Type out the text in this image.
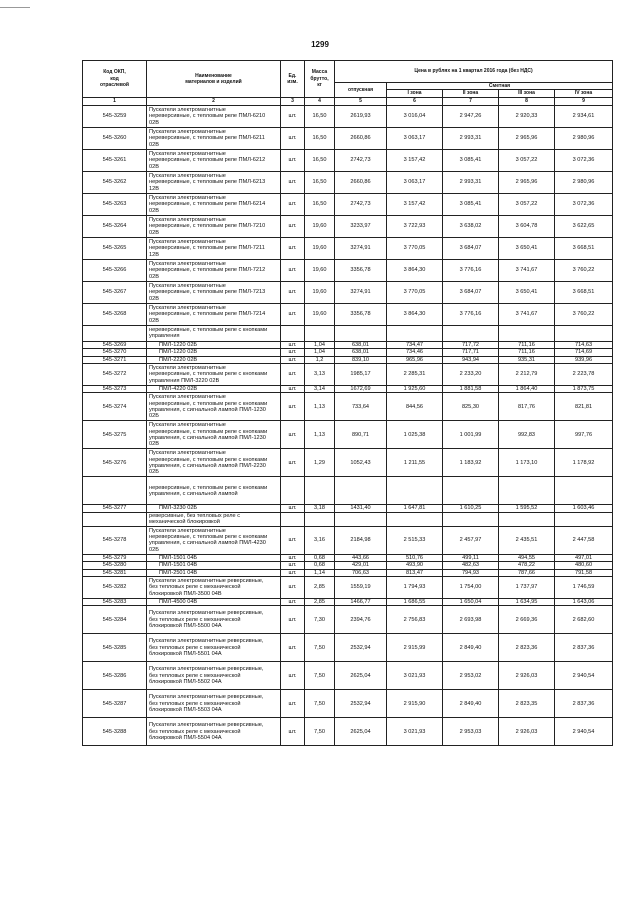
1299
Код ОКП,
код
отраслевой	Наименование
материалов и изделий	Ед.
изм.	Масса
брутто,
кг	Цена в рублях на 1 квартал 2016 года (без НДС)				
				отпускная	Сметная			
					I зона	II зона	III зона	IV зона
1	2	3	4	5	6	7	8	9
545-3259	Пускатели электромагнитные
нереверсивные, с тепловым реле ПМЛ-6210
02В	шт.	16,50	2619,93	3 016,04	2 947,26	2 920,33	2 934,61
545-3260	Пускатели электромагнитные
нереверсивные, с тепловым реле ПМЛ-6211
02В	шт.	16,50	2660,86	3 063,17	2 993,31	2 965,96	2 980,96
545-3261	Пускатели электромагнитные
нереверсивные, с тепловым реле ПМЛ-6212
02В	шт.	16,50	2742,73	3 157,42	3 085,41	3 057,22	3 072,36
545-3262	Пускатели электромагнитные
нереверсивные, с тепловым реле ПМЛ-6213
12В	шт.	16,50	2660,86	3 063,17	2 993,31	2 965,96	2 980,96
545-3263	Пускатели электромагнитные
нереверсивные, с тепловым реле ПМЛ-6214
02В	шт.	16,50	2742,73	3 157,42	3 085,41	3 057,22	3 072,36
545-3264	Пускатели электромагнитные
нереверсивные, с тепловым реле ПМЛ-7210
02В	шт.	19,60	3233,97	3 722,93	3 638,02	3 604,78	3 622,65
545-3265	Пускатели электромагнитные
нереверсивные, с тепловым реле ПМЛ-7211
12В	шт.	19,60	3274,91	3 770,05	3 684,07	3 650,41	3 668,51
545-3266	Пускатели электромагнитные
нереверсивные, с тепловым реле ПМЛ-7212
02В	шт.	19,60	3356,78	3 864,30	3 776,16	3 741,67	3 760,22
545-3267	Пускатели электромагнитные
нереверсивные, с тепловым реле ПМЛ-7213
02В	шт.	19,60	3274,91	3 770,05	3 684,07	3 650,41	3 668,51
545-3268	Пускатели электромагнитные
нереверсивные, с тепловым реле ПМЛ-7214
02В	шт.	19,60	3356,78	3 864,30	3 776,16	3 741,67	3 760,22
	нереверсивные, с тепловым реле с кнопками
управления							
545-3269	ПМЛ-1220 02Б	шт.	1,04	638,01	734,47	717,72	711,16	714,63
545-3270	ПМЛ-1220 02В	шт.	1,04	638,01	734,46	717,71	711,16	714,69
545-3271	ПМЛ-2220 02В	шт.	1,2	839,10	965,96	943,94	935,31	939,96
545-3272	Пускатели электромагнитные
нереверсивные, с тепловым реле с кнопками
управления ПМЛ-3220 02В	шт.	3,13	1985,17	2 285,31	2 233,20	2 212,79	2 223,78
545-3273	ПМЛ-4220 02В	шт.	3,14	1672,69	1 925,60	1 881,58	1 864,40	1 873,75
545-3274	Пускатели электромагнитные
нереверсивные, с тепловым реле с кнопками
управления, с сигнальной лампой ПМЛ-1230
02Б	шт.	1,13	733,64	844,56	825,30	817,76	821,81
545-3275	Пускатели электромагнитные
нереверсивные, с тепловым реле с кнопками
управления, с сигнальной лампой ПМЛ-1230
02В	шт.	1,13	890,71	1 025,38	1 001,99	992,83	997,76
545-3276	Пускатели электромагнитные
нереверсивные, с тепловым реле с кнопками
управления, с сигнальной лампой ПМЛ-2230
02Б	шт.	1,29	1052,43	1 211,55	1 183,92	1 173,10	1 178,92
	нереверсивные, с тепловым реле с кнопками
управления, с сигнальной лампой							
545-3277	ПМЛ-3230 02Б	шт.	3,18	1431,40	1 647,81	1 610,25	1 595,52	1 603,46
	реверсивные, без тепловых реле с
механической блокировкой							
545-3278	Пускатели электромагнитные
нереверсивные, с тепловым реле с кнопками
управления, с сигнальной лампой ПМЛ-4230
02Б	шт.	3,16	2184,98	2 515,33	2 457,97	2 435,51	2 447,58
545-3279	ПМЛ-1501 04Б	шт.	0,68	443,66	510,76	499,11	494,55	497,01
545-3280	ПМЛ-1501 04В	шт.	0,68	429,01	493,90	482,63	478,22	480,60
545-3281	ПМЛ-2501 04В	шт.	1,14	706,63	813,47	794,93	787,66	791,58
545-3282	Пускатели электромагнитные реверсивные,
без тепловых реле с механической
блокировкой ПМЛ-3500 04В	шт.	2,85	1559,19	1 794,93	1 754,00	1 737,97	1 746,59
545-3283	ПМЛ-4500 04В	шт.	2,85	1466,77	1 686,55	1 650,04	1 634,95	1 643,06
545-3284	Пускатели электромагнитные реверсивные,
без тепловых реле с механической
блокировкой ПМЛ-5500 04А	шт.	7,30	2394,76	2 756,83	2 693,98	2 669,36	2 682,60
545-3285	Пускатели электромагнитные реверсивные,
без тепловых реле с механической
блокировкой ПМЛ-5501 04А	шт.	7,50	2532,94	2 915,99	2 849,40	2 823,36	2 837,36
545-3286	Пускатели электромагнитные реверсивные,
без тепловых реле с механической
блокировкой ПМЛ-5502 04А	шт.	7,50	2625,04	3 021,93	2 953,02	2 926,03	2 940,54
545-3287	Пускатели электромагнитные реверсивные,
без тепловых реле с механической
блокировкой ПМЛ-5503 04А	шт.	7,50	2532,94	2 915,90	2 849,40	2 823,35	2 837,36
545-3288	Пускатели электромагнитные реверсивные,
без тепловых реле с механической
блокировкой ПМЛ-5504 04А	шт.	7,50	2625,04	3 021,93	2 953,03	2 926,03	2 940,54
